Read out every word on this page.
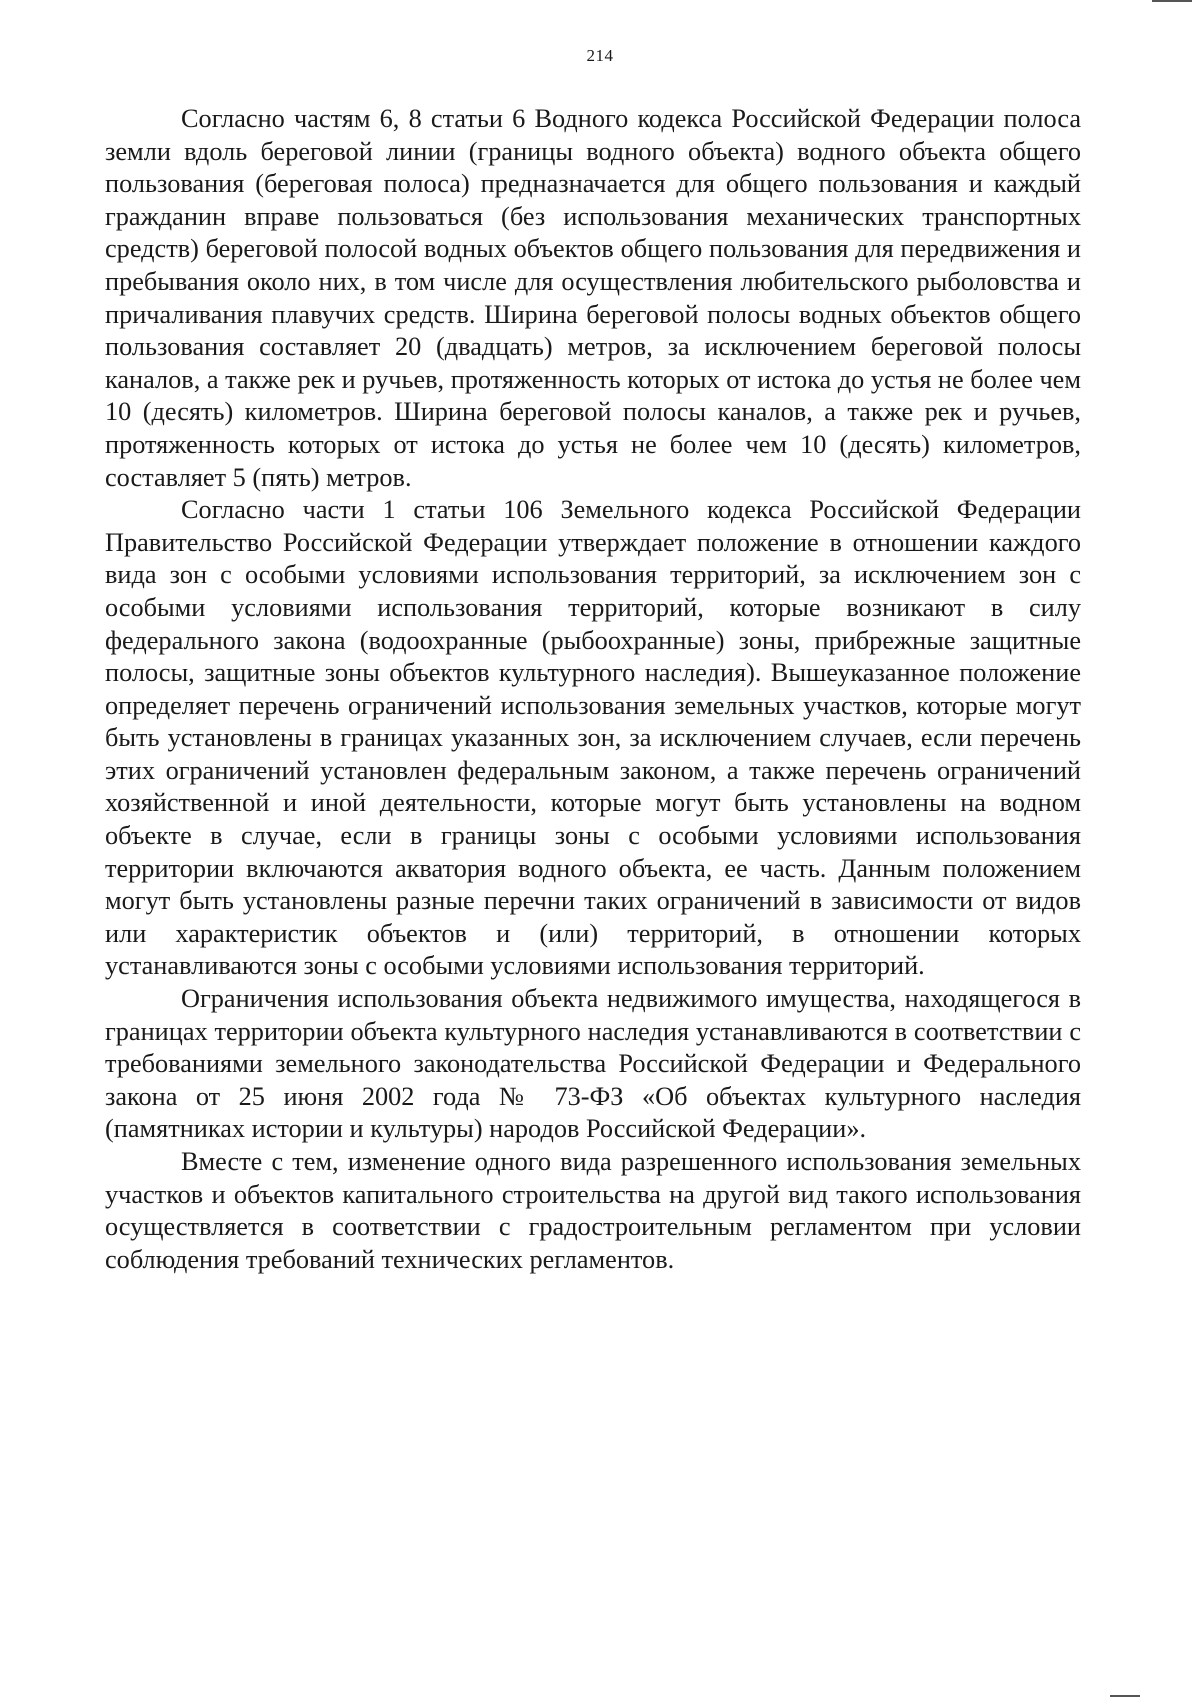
214

Согласно частям 6, 8 статьи 6 Водного кодекса Российской Федерации полоса земли вдоль береговой линии (границы водного объекта) водного объекта общего пользования (береговая полоса) предназначается для общего пользования и каждый гражданин вправе пользоваться (без использования механических транспортных средств) береговой полосой водных объектов общего пользования для передвижения и пребывания около них, в том числе для осуществления любительского рыболовства и причаливания плавучих средств. Ширина береговой полосы водных объектов общего пользования составляет 20 (двадцать) метров, за исключением береговой полосы каналов, а также рек и ручьев, протяженность которых от истока до устья не более чем 10 (десять) километров. Ширина береговой полосы каналов, а также рек и ручьев, протяженность которых от истока до устья не более чем 10 (десять) километров, составляет 5 (пять) метров.

Согласно части 1 статьи 106 Земельного кодекса Российской Федерации Правительство Российской Федерации утверждает положение в отношении каждого вида зон с особыми условиями использования территорий, за исключением зон с особыми условиями использования территорий, которые возникают в силу федерального закона (водоохранные (рыбоохранные) зоны, прибрежные защитные полосы, защитные зоны объектов культурного наследия). Вышеуказанное положение определяет перечень ограничений использования земельных участков, которые могут быть установлены в границах указанных зон, за исключением случаев, если перечень этих ограничений установлен федеральным законом, а также перечень ограничений хозяйственной и иной деятельности, которые могут быть установлены на водном объекте в случае, если в границы зоны с особыми условиями использования территории включаются акватория водного объекта, ее часть. Данным положением могут быть установлены разные перечни таких ограничений в зависимости от видов или характеристик объектов и (или) территорий, в отношении которых устанавливаются зоны с особыми условиями использования территорий.

Ограничения использования объекта недвижимого имущества, находящегося в границах территории объекта культурного наследия устанавливаются в соответствии с требованиями земельного законодательства Российской Федерации и Федерального закона от 25 июня 2002 года № 73-ФЗ «Об объектах культурного наследия (памятниках истории и культуры) народов Российской Федерации».

Вместе с тем, изменение одного вида разрешенного использования земельных участков и объектов капитального строительства на другой вид такого использования осуществляется в соответствии с градостроительным регламентом при условии соблюдения требований технических регламентов.
